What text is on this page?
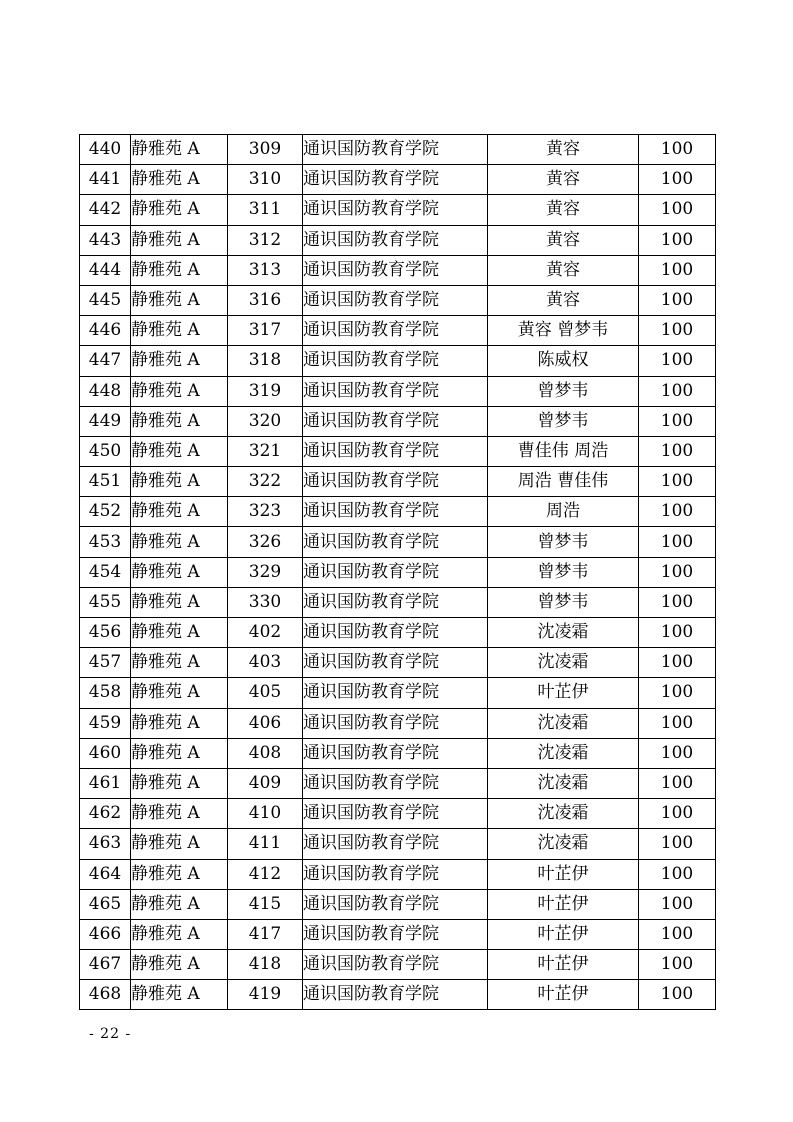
440	静雅苑 A	309	通识国防教育学院	黄容	100
441	静雅苑 A	310	通识国防教育学院	黄容	100
442	静雅苑 A	311	通识国防教育学院	黄容	100
443	静雅苑 A	312	通识国防教育学院	黄容	100
444	静雅苑 A	313	通识国防教育学院	黄容	100
445	静雅苑 A	316	通识国防教育学院	黄容	100
446	静雅苑 A	317	通识国防教育学院	黄容 曾梦韦	100
447	静雅苑 A	318	通识国防教育学院	陈威权	100
448	静雅苑 A	319	通识国防教育学院	曾梦韦	100
449	静雅苑 A	320	通识国防教育学院	曾梦韦	100
450	静雅苑 A	321	通识国防教育学院	曹佳伟 周浩	100
451	静雅苑 A	322	通识国防教育学院	周浩 曹佳伟	100
452	静雅苑 A	323	通识国防教育学院	周浩	100
453	静雅苑 A	326	通识国防教育学院	曾梦韦	100
454	静雅苑 A	329	通识国防教育学院	曾梦韦	100
455	静雅苑 A	330	通识国防教育学院	曾梦韦	100
456	静雅苑 A	402	通识国防教育学院	沈凌霜	100
457	静雅苑 A	403	通识国防教育学院	沈凌霜	100
458	静雅苑 A	405	通识国防教育学院	叶芷伊	100
459	静雅苑 A	406	通识国防教育学院	沈凌霜	100
460	静雅苑 A	408	通识国防教育学院	沈凌霜	100
461	静雅苑 A	409	通识国防教育学院	沈凌霜	100
462	静雅苑 A	410	通识国防教育学院	沈凌霜	100
463	静雅苑 A	411	通识国防教育学院	沈凌霜	100
464	静雅苑 A	412	通识国防教育学院	叶芷伊	100
465	静雅苑 A	415	通识国防教育学院	叶芷伊	100
466	静雅苑 A	417	通识国防教育学院	叶芷伊	100
467	静雅苑 A	418	通识国防教育学院	叶芷伊	100
468	静雅苑 A	419	通识国防教育学院	叶芷伊	100
- 22 -
